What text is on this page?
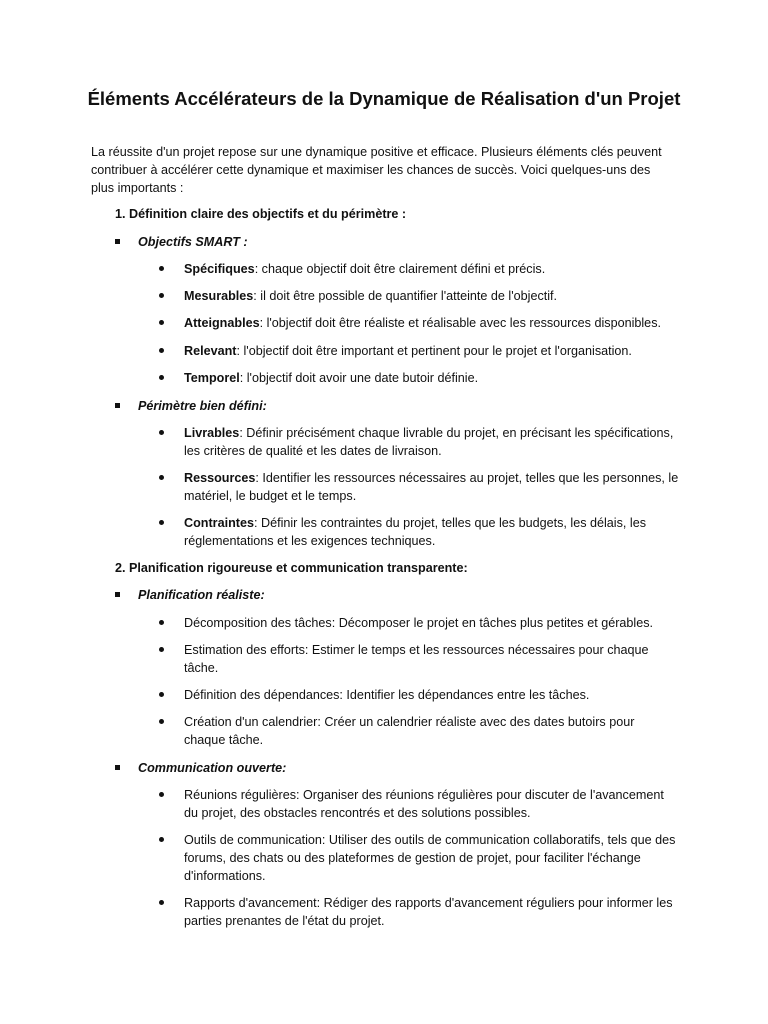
Éléments Accélérateurs de la Dynamique de Réalisation d'un Projet

La réussite d'un projet repose sur une dynamique positive et efficace. Plusieurs éléments clés peuvent contribuer à accélérer cette dynamique et maximiser les chances de succès. Voici quelques-uns des plus importants :

1. Définition claire des objectifs et du périmètre :

Objectifs SMART :
Spécifiques: chaque objectif doit être clairement défini et précis.
Mesurables: il doit être possible de quantifier l'atteinte de l'objectif.
Atteignables: l'objectif doit être réaliste et réalisable avec les ressources disponibles.
Relevant: l'objectif doit être important et pertinent pour le projet et l'organisation.
Temporel: l'objectif doit avoir une date butoir définie.
Périmètre bien défini:
Livrables: Définir précisément chaque livrable du projet, en précisant les spécifications, les critères de qualité et les dates de livraison.
Ressources: Identifier les ressources nécessaires au projet, telles que les personnes, le matériel, le budget et le temps.
Contraintes: Définir les contraintes du projet, telles que les budgets, les délais, les réglementations et les exigences techniques.

2. Planification rigoureuse et communication transparente:

Planification réaliste:
Décomposition des tâches: Décomposer le projet en tâches plus petites et gérables.
Estimation des efforts: Estimer le temps et les ressources nécessaires pour chaque tâche.
Définition des dépendances: Identifier les dépendances entre les tâches.
Création d'un calendrier: Créer un calendrier réaliste avec des dates butoirs pour chaque tâche.
Communication ouverte:
Réunions régulières: Organiser des réunions régulières pour discuter de l'avancement du projet, des obstacles rencontrés et des solutions possibles.
Outils de communication: Utiliser des outils de communication collaboratifs, tels que des forums, des chats ou des plateformes de gestion de projet, pour faciliter l'échange d'informations.
Rapports d'avancement: Rédiger des rapports d'avancement réguliers pour informer les parties prenantes de l'état du projet.
